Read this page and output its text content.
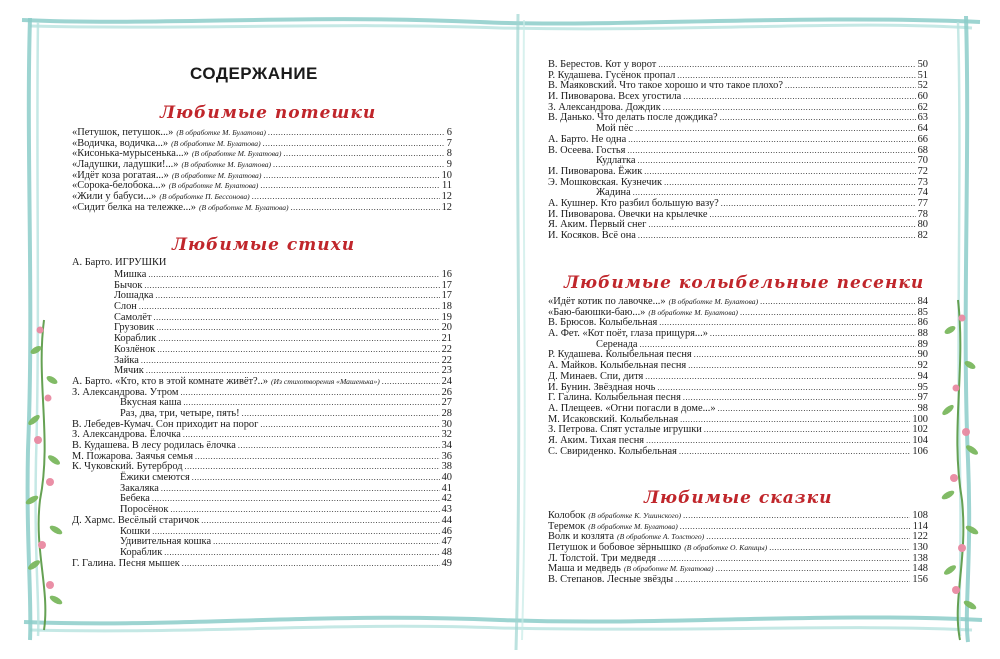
СОДЕРЖАНИЕ
Любимые потешки
«Петушок, петушок...» (В обработке М. Булатова) .....	6
«Водичка, водичка...» (В обработке М. Булатова) .....	7
«Кисонька-мурысенька...» (В обработке М. Булатова) .....	8
«Ладушки, ладушки!...» (В обработке М. Булатова) .....	9
«Идёт коза рогатая...» (В обработке М. Булатова) .....	10
«Сорока-белобока...» (В обработке М. Булатова) .....	11
«Жили у бабуси...» (В обработке П. Бессонова) .....	12
«Сидит белка на тележке...» (В обработке М. Булатова) .....	12
Любимые стихи
А. Барто. ИГРУШКИ
Мишка .....	16
Бычок .....	17
Лошадка .....	17
Слон .....	18
Самолёт .....	19
Грузовик .....	20
Кораблик .....	21
Козлёнок .....	22
Зайка .....	22
Мячик .....	23
А. Барто. «Кто, кто в этой комнате живёт?..» (Из стихотворения «Машенька») .....	24
З. Александрова. Утром .....	26
Вкусная каша .....	27
Раз, два, три, четыре, пять! .....	28
В. Лебедев-Кумач. Сон приходит на порог .....	30
З. Александрова. Ёлочка .....	32
В. Кудашева. В лесу родилась ёлочка .....	34
М. Пожарова. Заячья семья .....	36
К. Чуковский. Бутерброд .....	38
Ёжики смеются .....	40
Закаляка .....	41
Бебека .....	42
Поросёнок .....	43
Д. Хармс. Весёлый старичок .....	44
Кошки .....	46
Удивительная кошка .....	47
Кораблик .....	48
Г. Галина. Песня мышек .....	49
В. Берестов. Кот у ворот .....	50
Р. Кудашева. Гусёнок пропал .....	51
В. Маяковский. Что такое хорошо и что такое плохо? .....	52
И. Пивоварова. Всех угостила .....	60
З. Александрова. Дождик .....	62
В. Данько. Что делать после дождика? .....	63
Мой пёс .....	64
А. Барто. Не одна .....	66
В. Осеева. Гостья .....	68
Кудлатка .....	70
И. Пивоварова. Ёжик .....	72
Э. Мошковская. Кузнечик .....	73
Жадина .....	74
А. Кушнер. Кто разбил большую вазу? .....	77
И. Пивоварова. Овечки на крылечке .....	78
Я. Аким. Первый снег .....	80
И. Косяков. Всё она .....	82
Любимые колыбельные песенки
«Идёт котик по лавочке...» (В обработке М. Булатова) .....	84
«Баю-баюшки-баю...» (В обработке М. Булатова) .....	85
В. Брюсов. Колыбельная .....	86
А. Фет. «Кот поёт, глаза прищуря...» .....	88
Серенада .....	89
Р. Кудашева. Колыбельная песня .....	90
А. Майков. Колыбельная песня .....	92
Д. Минаев. Спи, дитя .....	94
И. Бунин. Звёздная ночь .....	95
Г. Галина. Колыбельная песня .....	97
А. Плещеев. «Огни погасли в доме...» .....	98
М. Исаковский. Колыбельная .....	100
З. Петрова. Спят усталые игрушки .....	102
Я. Аким. Тихая песня .....	104
С. Свириденко. Колыбельная .....	106
Любимые сказки
Колобок (В обработке К. Ушинского) .....	108
Теремок (В обработке М. Булатова) .....	114
Волк и козлята (В обработке А. Толстого) .....	122
Петушок и бобовое зёрнышко (В обработке О. Капицы) .....	130
Л. Толстой. Три медведя .....	138
Маша и медведь (В обработке М. Булатова) .....	148
В. Степанов. Лесные звёзды .....	156
